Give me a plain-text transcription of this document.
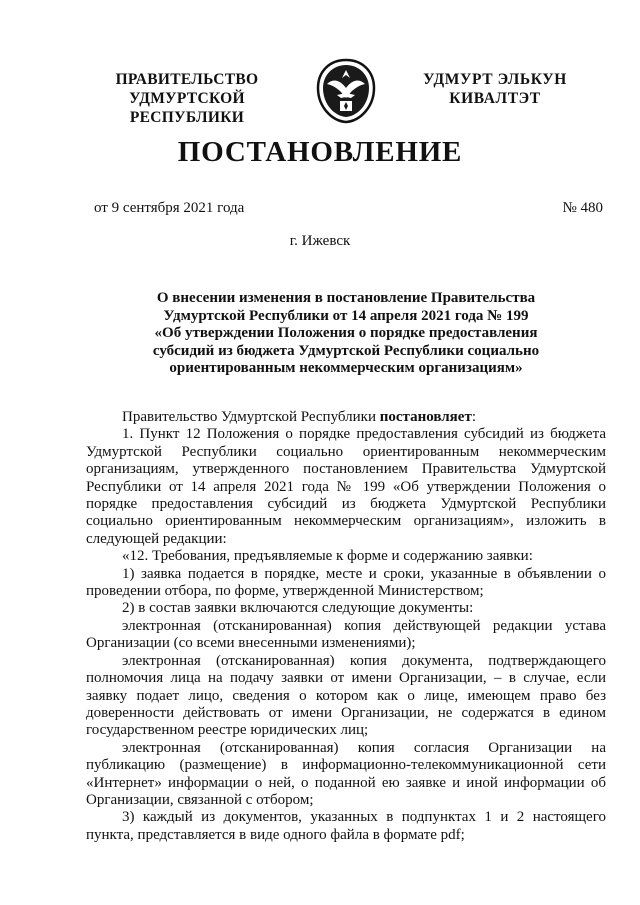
ПРАВИТЕЛЬСТВО
УДМУРТСКОЙ РЕСПУБЛИКИ
УДМУРТ ЭЛЬКУН
КИВАЛТЭТ
ПОСТАНОВЛЕНИЕ
от 9 сентября 2021 года	№ 480
г. Ижевск
О внесении изменения в постановление Правительства
Удмуртской Республики от 14 апреля 2021 года № 199
«Об утверждении Положения о порядке предоставления
субсидий из бюджета Удмуртской Республики социально
ориентированным некоммерческим организациям»

Правительство Удмуртской Республики постановляет:

1. Пункт 12 Положения о порядке предоставления субсидий из бюджета Удмуртской Республики социально ориентированным некоммерческим организациям, утвержденного постановлением Правительства Удмуртской Республики от 14 апреля 2021 года № 199 «Об утверждении Положения о порядке предоставления субсидий из бюджета Удмуртской Республики социально ориентированным некоммерческим организациям», изложить в следующей редакции:

«12. Требования, предъявляемые к форме и содержанию заявки:

1) заявка подается в порядке, месте и сроки, указанные в объявлении о проведении отбора, по форме, утвержденной Министерством;

2) в состав заявки включаются следующие документы:

электронная (отсканированная) копия действующей редакции устава Организации (со всеми внесенными изменениями);

электронная (отсканированная) копия документа, подтверждающего полномочия лица на подачу заявки от имени Организации, – в случае, если заявку подает лицо, сведения о котором как о лице, имеющем право без доверенности действовать от имени Организации, не содержатся в едином государственном реестре юридических лиц;

электронная (отсканированная) копия согласия Организации на публикацию (размещение) в информационно-телекоммуникационной сети «Интернет» информации о ней, о поданной ею заявке и иной информации об Организации, связанной с отбором;

3) каждый из документов, указанных в подпунктах 1 и 2 настоящего пункта, представляется в виде одного файла в формате pdf;
